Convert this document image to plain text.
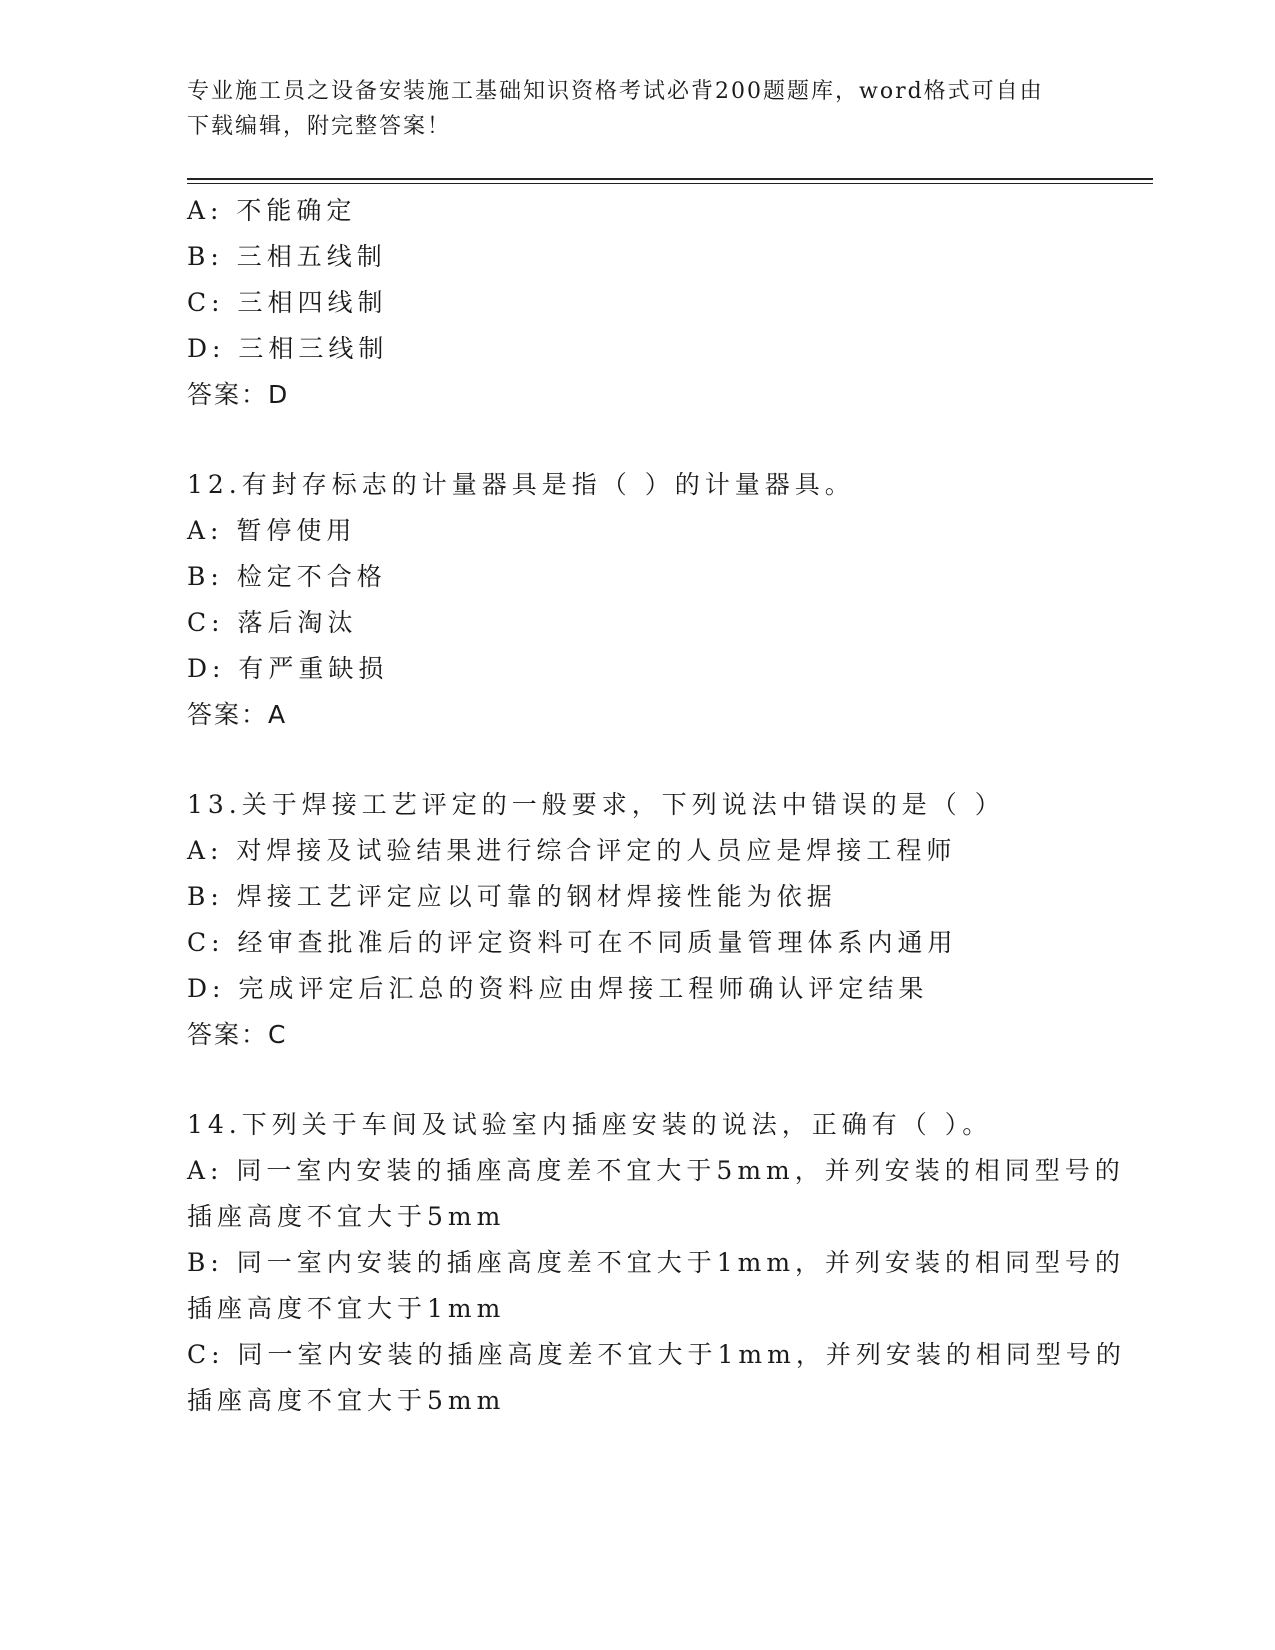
专业施工员之设备安装施工基础知识资格考试必背200题题库，word格式可自由
下载编辑，附完整答案！
A: 不能确定
B: 三相五线制
C: 三相四线制
D: 三相三线制
答案：D
12.有封存标志的计量器具是指（ ）的计量器具。
A: 暂停使用
B: 检定不合格
C: 落后淘汰
D: 有严重缺损
答案：A
13.关于焊接工艺评定的一般要求，下列说法中错误的是（ ）
A: 对焊接及试验结果进行综合评定的人员应是焊接工程师
B: 焊接工艺评定应以可靠的钢材焊接性能为依据
C: 经审查批准后的评定资料可在不同质量管理体系内通用
D: 完成评定后汇总的资料应由焊接工程师确认评定结果
答案：C
14.下列关于车间及试验室内插座安装的说法，正确有（ ）。
A: 同一室内安装的插座高度差不宜大于5mm，并列安装的相同型号的
插座高度不宜大于5mm
B: 同一室内安装的插座高度差不宜大于1mm，并列安装的相同型号的
插座高度不宜大于1mm
C: 同一室内安装的插座高度差不宜大于1mm，并列安装的相同型号的
插座高度不宜大于5mm
